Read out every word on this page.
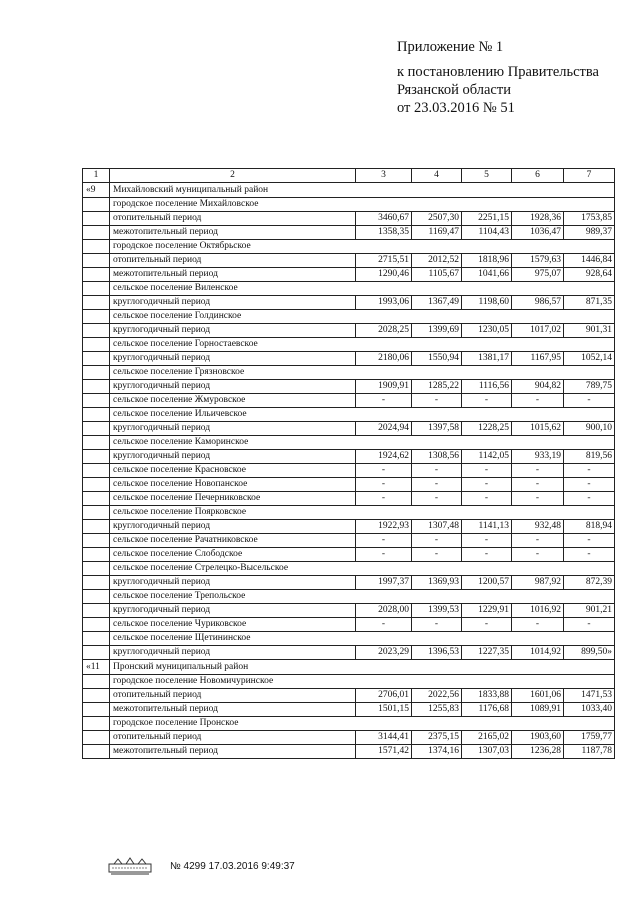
Приложение № 1
к постановлению Правительства
Рязанской области
от 23.03.2016 № 51
1	2	3	4	5	6	7
«9	Михайловский муниципальный район					
	городское поселение Михайловское					
	отопительный период	3460,67	2507,30	2251,15	1928,36	1753,85
	межотопительный период	1358,35	1169,47	1104,43	1036,47	989,37
	городское поселение Октябрьское					
	отопительный период	2715,51	2012,52	1818,96	1579,63	1446,84
	межотопительный период	1290,46	1105,67	1041,66	975,07	928,64
	сельское поселение Виленское					
	круглогодичный период	1993,06	1367,49	1198,60	986,57	871,35
	сельское поселение Голдинское					
	круглогодичный период	2028,25	1399,69	1230,05	1017,02	901,31
	сельское поселение Горностаевское					
	круглогодичный период	2180,06	1550,94	1381,17	1167,95	1052,14
	сельское поселение Грязновское					
	круглогодичный период	1909,91	1285,22	1116,56	904,82	789,75
	сельское поселение Жмуровское	-	-	-	-	-
	сельское поселение Ильичевское					
	круглогодичный период	2024,94	1397,58	1228,25	1015,62	900,10
	сельское поселение Каморинское					
	круглогодичный период	1924,62	1308,56	1142,05	933,19	819,56
	сельское поселение Красновское	-	-	-	-	-
	сельское поселение Новопанское	-	-	-	-	-
	сельское поселение Печерниковское	-	-	-	-	-
	сельское поселение Поярковское					
	круглогодичный период	1922,93	1307,48	1141,13	932,48	818,94
	сельское поселение Рачатниковское	-	-	-	-	-
	сельское поселение Слободское	-	-	-	-	-
	сельское поселение Стрелецко-Высельское					
	круглогодичный период	1997,37	1369,93	1200,57	987,92	872,39
	сельское поселение Трепольское					
	круглогодичный период	2028,00	1399,53	1229,91	1016,92	901,21
	сельское поселение Чуриковское	-	-	-	-	-
	сельское поселение Щетининское					
	круглогодичный период	2023,29	1396,53	1227,35	1014,92	899,50»
«11	Пронский муниципальный район					
	городское поселение Новомичуринское					
	отопительный период	2706,01	2022,56	1833,88	1601,06	1471,53
	межотопительный период	1501,15	1255,83	1176,68	1089,91	1033,40
	городское поселение Пронское					
	отопительный период	3144,41	2375,15	2165,02	1903,60	1759,77
	межотопительный период	1571,42	1374,16	1307,03	1236,28	1187,78
№ 4299 17.03.2016 9:49:37
